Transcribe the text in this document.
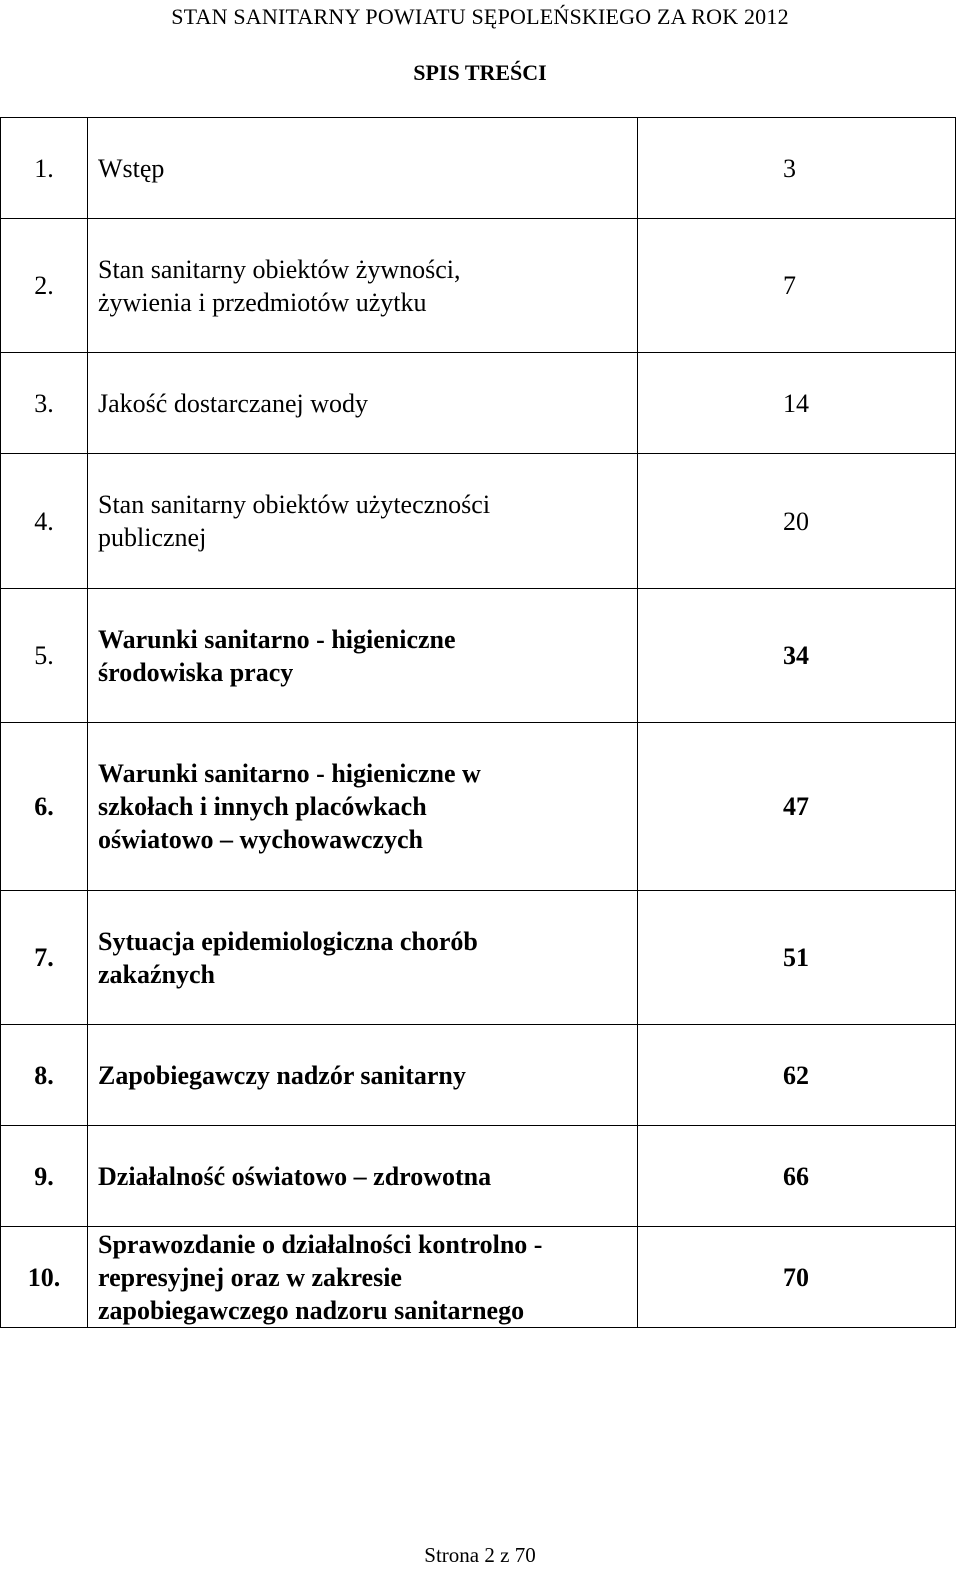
STAN SANITARNY POWIATU SĘPOLEŃSKIEGO ZA ROK 2012
SPIS TREŚCI
1.	Wstęp	3
2.	Stan sanitarny obiektów żywności,
żywienia i przedmiotów użytku	7
3.	Jakość dostarczanej wody	14
4.	Stan sanitarny obiektów użyteczności
publicznej	20
5.	Warunki sanitarno - higieniczne
środowiska pracy	34
6.	Warunki sanitarno - higieniczne w
szkołach i innych placówkach
oświatowo – wychowawczych	47
7.	Sytuacja epidemiologiczna chorób
zakaźnych	51
8.	Zapobiegawczy nadzór sanitarny	62
9.	Działalność oświatowo – zdrowotna	66
10.	Sprawozdanie o działalności kontrolno -
represyjnej oraz w zakresie
zapobiegawczego nadzoru sanitarnego	70
Strona 2 z 70
